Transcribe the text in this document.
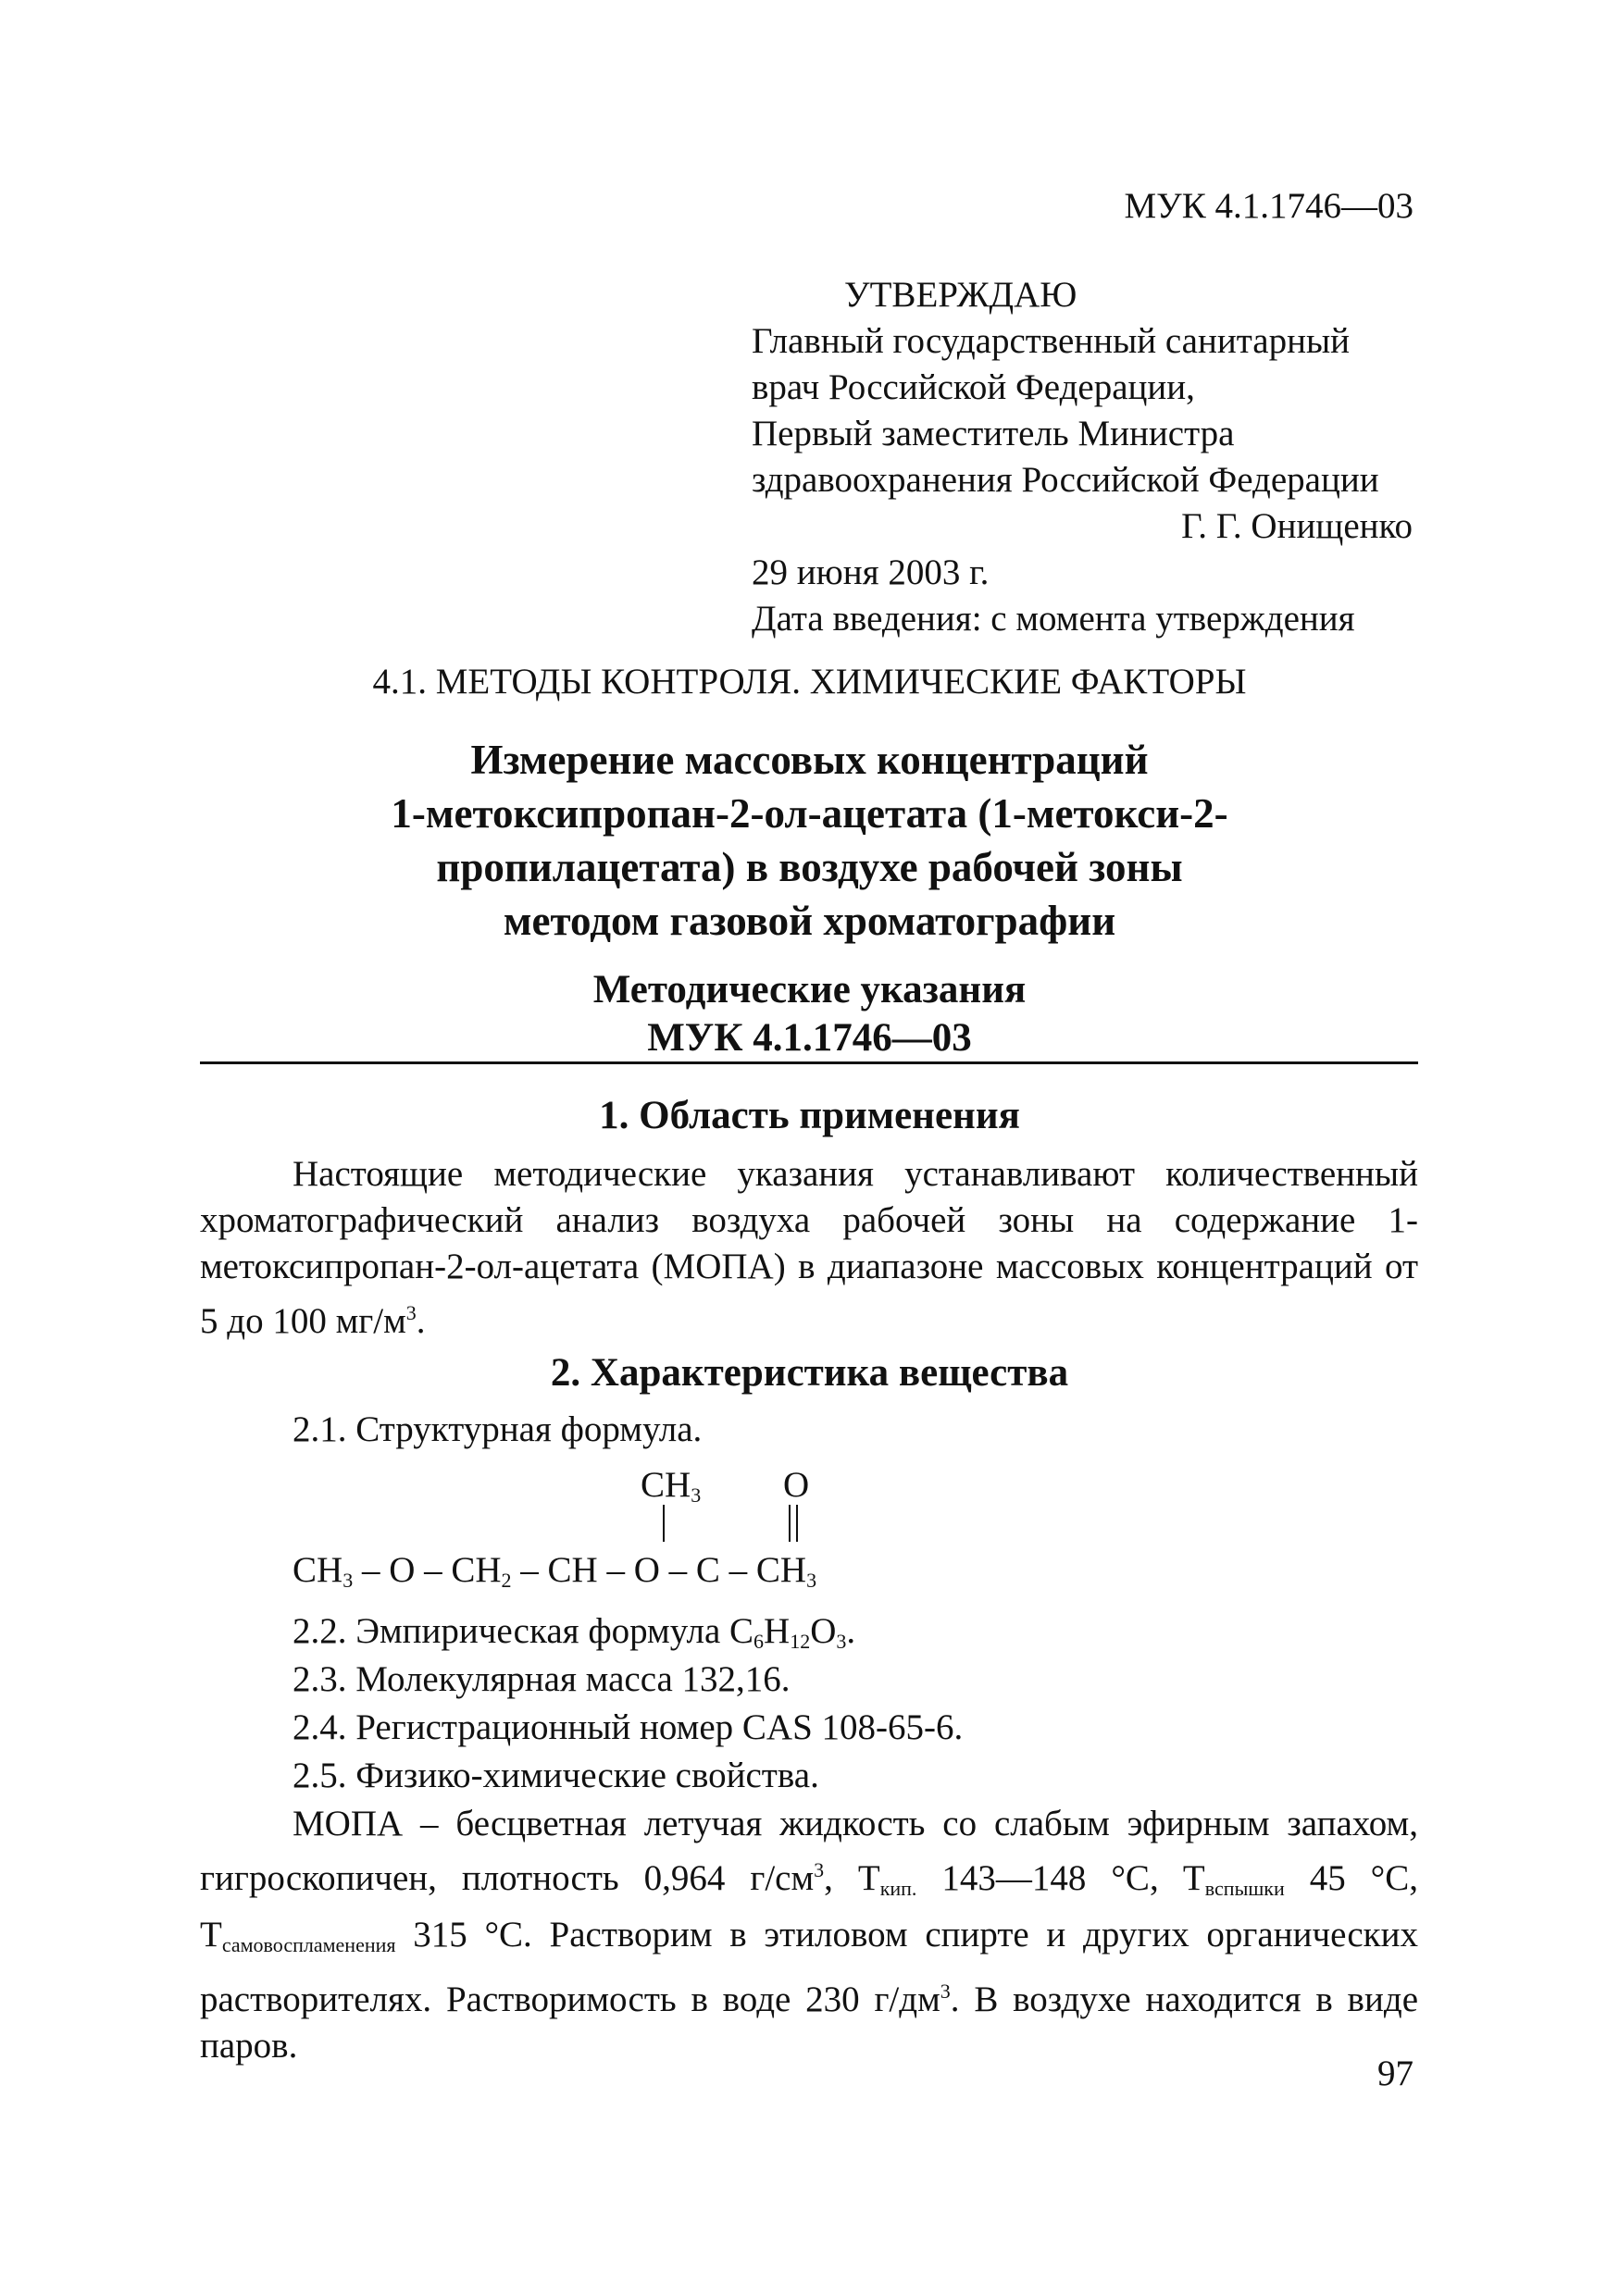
МУК 4.1.1746—03
УТВЕРЖДАЮ
Главный государственный санитарный
врач Российской Федерации,
Первый заместитель Министра
здравоохранения Российской Федерации
Г. Г. Онищенко
29 июня 2003 г.
Дата введения: с момента утверждения
4.1. МЕТОДЫ КОНТРОЛЯ. ХИМИЧЕСКИЕ ФАКТОРЫ
Измерение массовых концентраций
1-метоксипропан-2-ол-ацетата (1-метокси-2-
пропилацетата) в воздухе рабочей зоны
методом газовой хроматографии
Методические указания
МУК 4.1.1746—03
1. Область применения
Настоящие методические указания устанавливают количественный хроматографический анализ воздуха рабочей зоны на содержание 1-метоксипропан-2-ол-ацетата (МОПА) в диапазоне массовых концентраций от 5 до 100 $мг/м^3$.
2. Характеристика вещества
2.1. Структурная формула.
$CH_3$ O
$CH_3$ – O – $CH_2$ – CH – O – C – $CH_3$
2.2. Эмпирическая формула $C_6H_{12}O_3$.
2.3. Молекулярная масса 132,16.
2.4. Регистрационный номер CAS 108-65-6.
2.5. Физико-химические свойства.
МОПА – бесцветная летучая жидкость со слабым эфирным запахом, гигроскопичен, плотность 0,964 $г/см^3$, $T_{кип.}$ 143—148 °C, $T_{вспышки}$ 45 °C, $T_{самовоспламенения}$ 315 °C. Растворим в этиловом спирте и других органических растворителях. Растворимость в воде 230 $г/дм^3$. В воздухе находится в виде паров.
97
